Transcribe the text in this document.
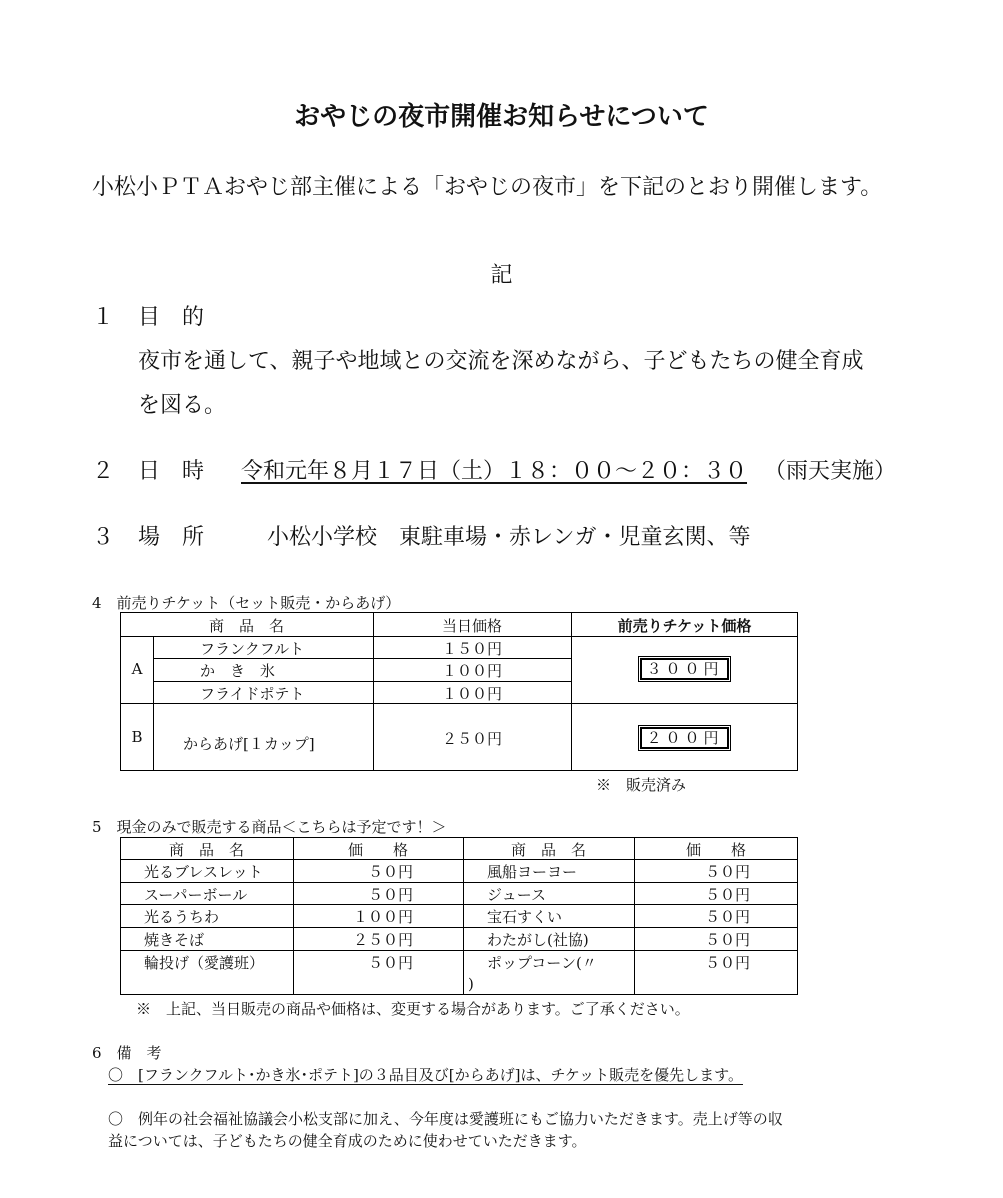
おやじの夜市開催お知らせについて
小松小ＰＴＡおやじ部主催による「おやじの夜市」を下記のとおり開催します。
記
１ 目的
夜市を通して、親子や地域との交流を深めながら、子どもたちの健全育成
を図る。
２ 日時 令和元年８月１７日（土）１８：００～２０：３０ （雨天実施）
３ 場所 小松小学校　東駐車場・赤レンガ・児童玄関、等
4　前売りチケット（セット販売・からあげ）
商　品　名	当日価格	前売りチケット価格
A
フランクフルト	１５０円
か　き　氷	１００円
フライドポテト	１００円
３００円
B	からあげ[１カップ]	２５０円	２００円
※　販売済み
5　現金のみで販売する商品＜こちらは予定です！＞
商　品　名	価　　格	商　品　名	価　　格
光るブレスレット	５０円	風船ヨーヨー	５０円
スーパーボール	５０円	ジュース	５０円
光るうちわ	１００円	宝石すくい	５０円
焼きそば	２５０円	わたがし(社協)	５０円
輪投げ（愛護班）	５０円	ポップコーン(〃	５０円
)
※　上記、当日販売の商品や価格は、変更する場合があります。ご了承ください。
6　備　考
〇　[フランクフルト･かき氷･ポテト]の３品目及び[からあげ]は、チケット販売を優先します。
〇　例年の社会福祉協議会小松支部に加え、今年度は愛護班にもご協力いただきます。売上げ等の収
益については、子どもたちの健全育成のために使わせていただきます。
